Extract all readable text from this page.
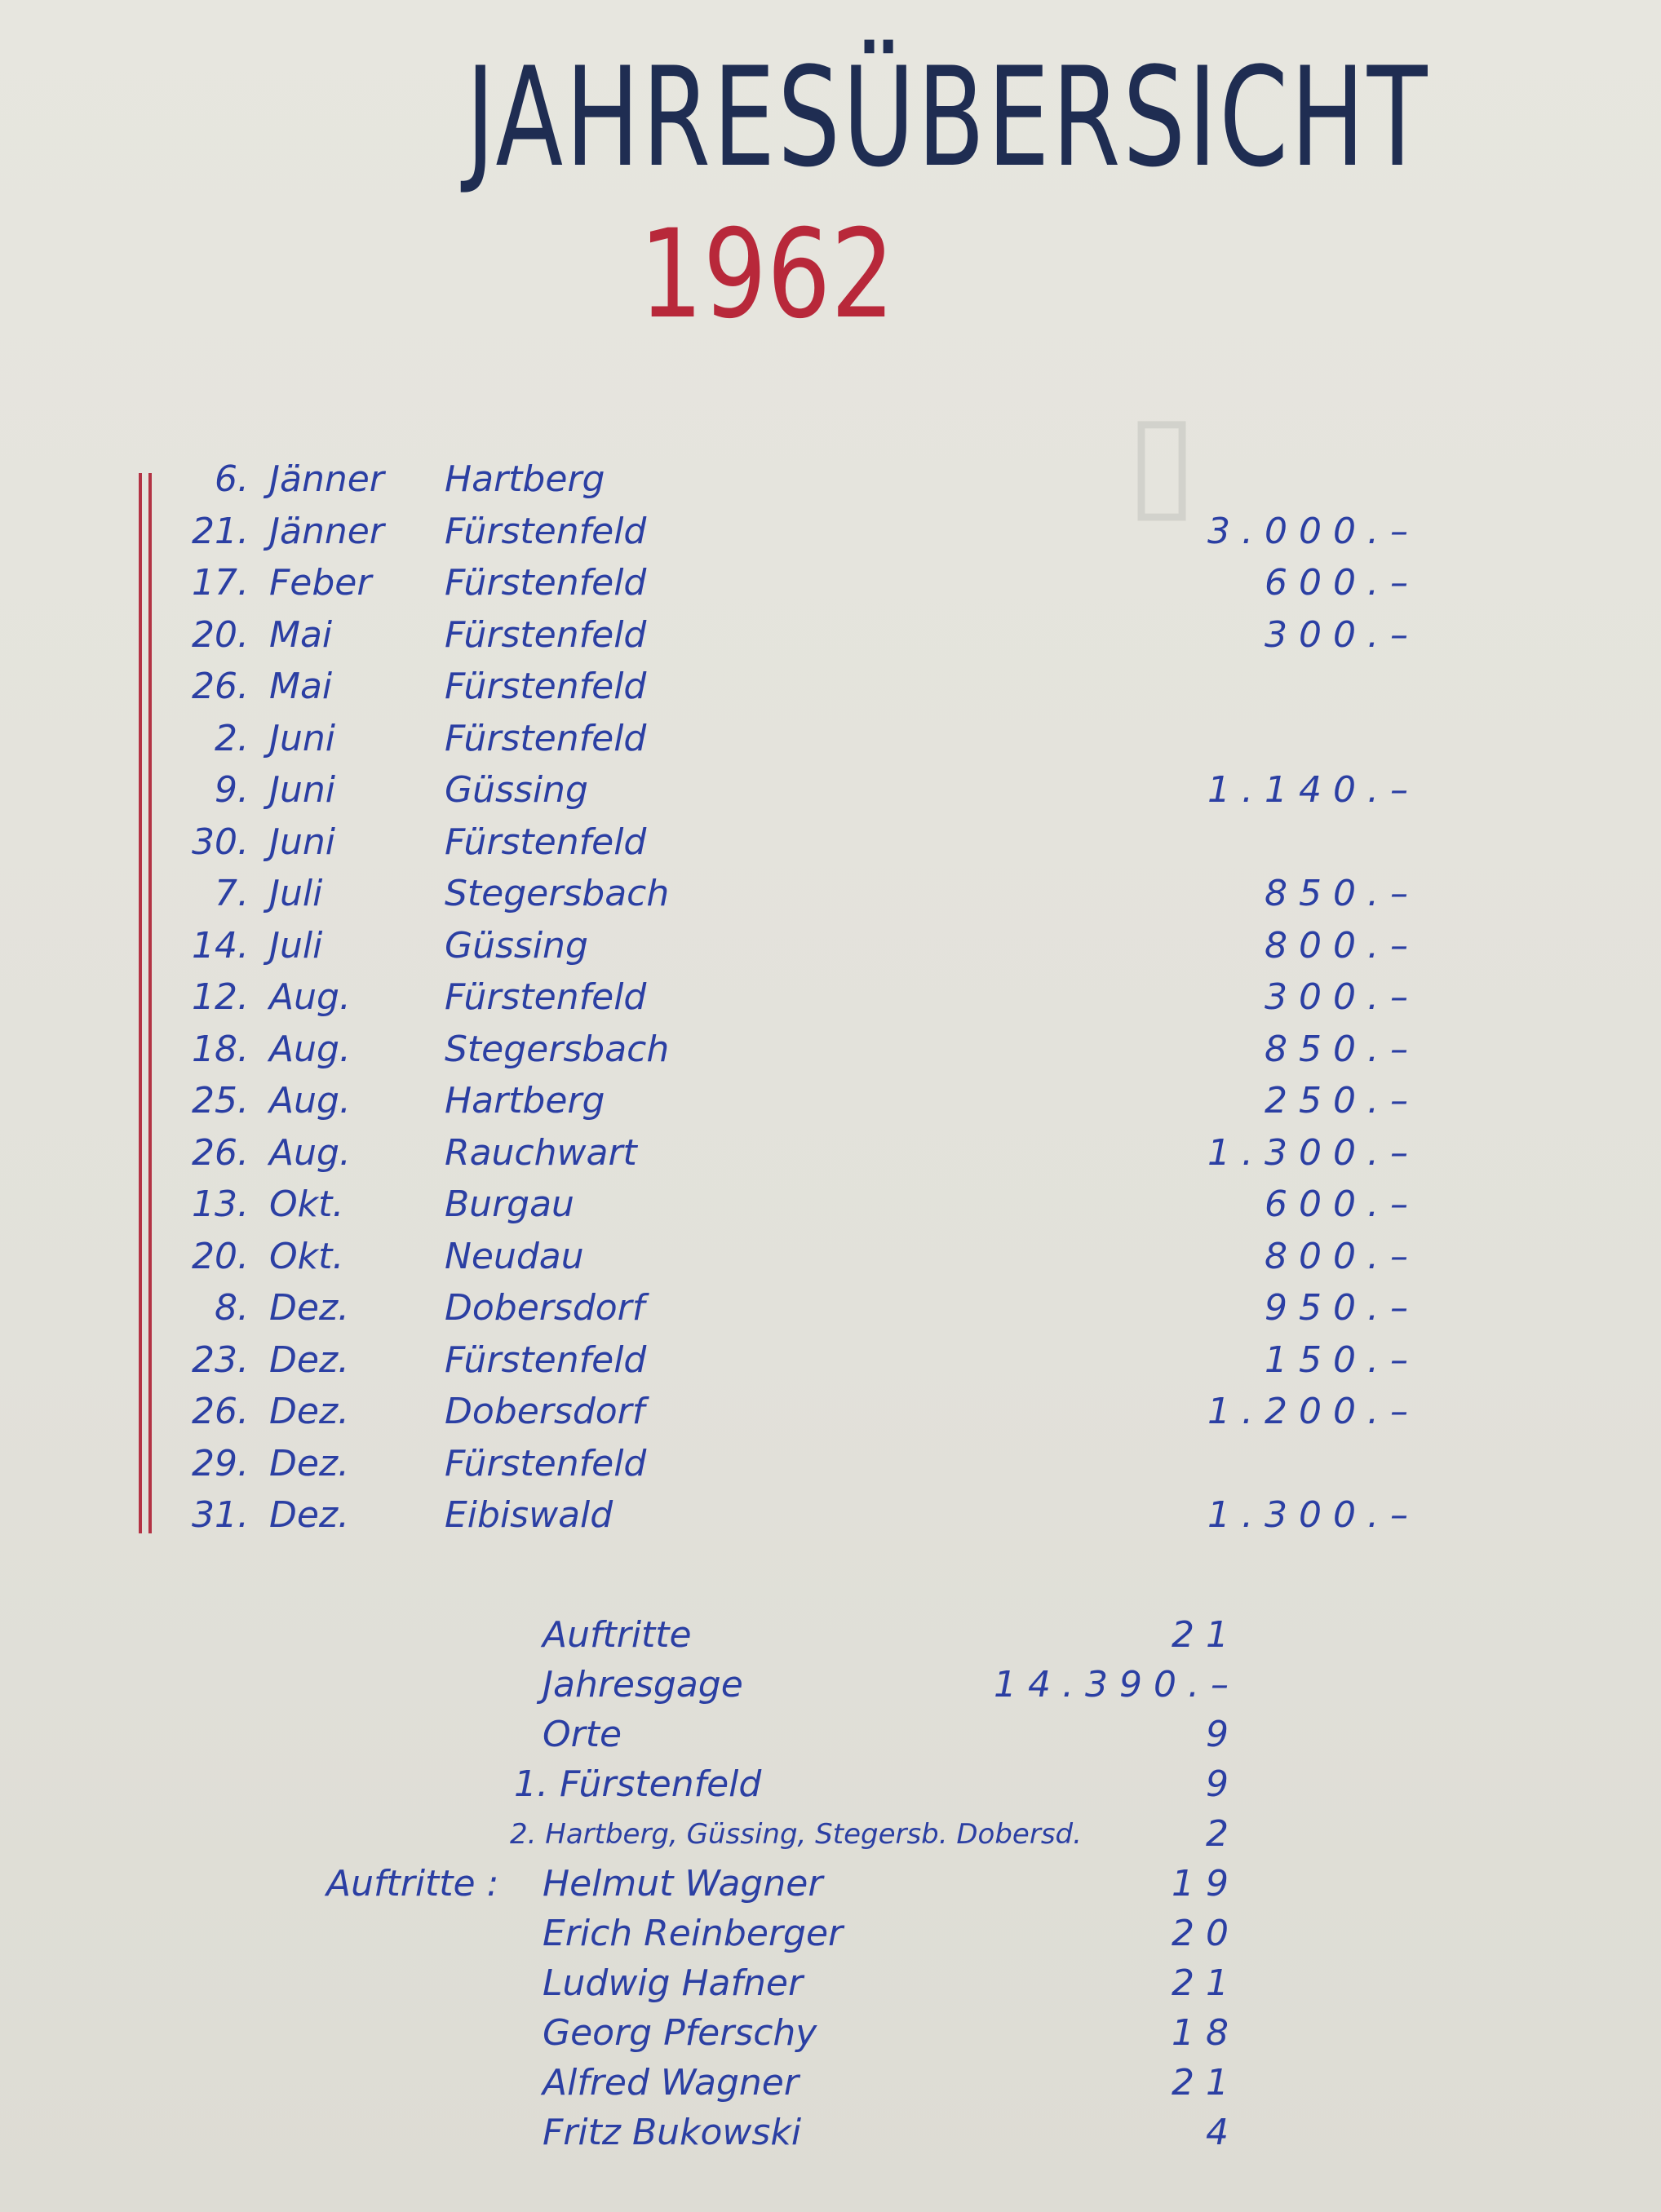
▯
JAHRESÜBERSICHT
1962
6. Jänner Hartberg
21. Jänner Fürstenfeld	3.000.–
17. Feber Fürstenfeld	600.–
20. Mai	Fürstenfeld	300.–
26. Mai	Fürstenfeld
2. Juni	Fürstenfeld
9. Juni	Güssing	1.140.–
30. Juni	Fürstenfeld
7. Juli	Stegersbach	850.–
14. Juli	Güssing	800.–
12. Aug.	Fürstenfeld	300.–
18. Aug.	Stegersbach	850.–
25. Aug.	Hartberg	250.–
26. Aug.	Rauchwart	1.300.–
13. Okt.	Burgau	600.–
20. Okt.	Neudau	800.–
8. Dez.	Dobersdorf	950.–
23. Dez.	Fürstenfeld	150.–
26. Dez.	Dobersdorf	1.200.–
29. Dez.	Fürstenfeld
31. Dez.	Eibiswald	1.300.–
Auftritte	21
Jahresgage	14.390.–
Orte	9
1. Fürstenfeld	9
2. Hartberg, Güssing, Stegersb. Dobersd.	2
Auftritte : Helmut Wagner	19
Erich Reinberger	20
Ludwig Hafner	21
Georg Pferschy	18
Alfred Wagner	21
Fritz Bukowski	4
